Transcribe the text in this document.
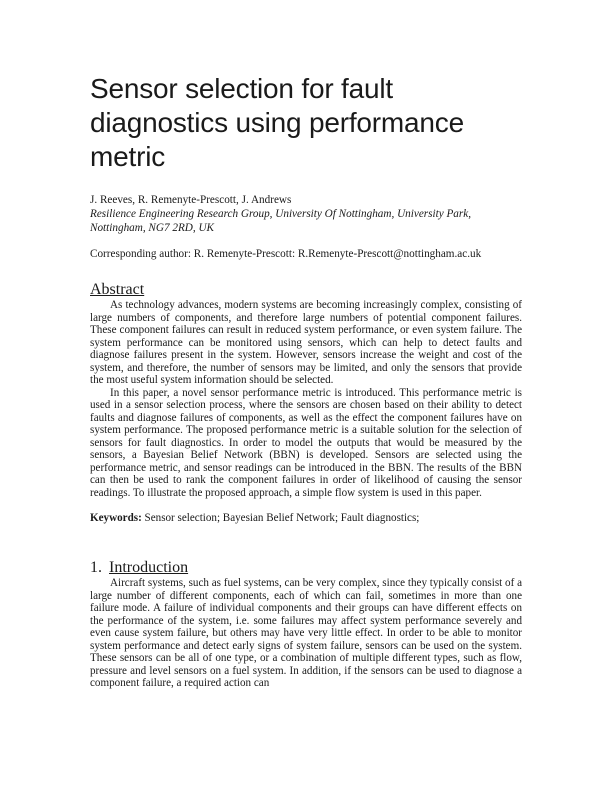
Sensor selection for fault diagnostics using performance metric
J. Reeves, R. Remenyte-Prescott, J. Andrews
Resilience Engineering Research Group, University Of Nottingham, University Park, Nottingham, NG7 2RD, UK
Corresponding author: R. Remenyte-Prescott: R.Remenyte-Prescott@nottingham.ac.uk
Abstract

As technology advances, modern systems are becoming increasingly complex, consisting of large numbers of components, and therefore large numbers of potential component failures. These component failures can result in reduced system performance, or even system failure. The system performance can be monitored using sensors, which can help to detect faults and diagnose failures present in the system. However, sensors increase the weight and cost of the system, and therefore, the number of sensors may be limited, and only the sensors that provide the most useful system information should be selected.

In this paper, a novel sensor performance metric is introduced. This performance metric is used in a sensor selection process, where the sensors are chosen based on their ability to detect faults and diagnose failures of components, as well as the effect the component failures have on system performance. The proposed performance metric is a suitable solution for the selection of sensors for fault diagnostics. In order to model the outputs that would be measured by the sensors, a Bayesian Belief Network (BBN) is developed. Sensors are selected using the performance metric, and sensor readings can be introduced in the BBN. The results of the BBN can then be used to rank the component failures in order of likelihood of causing the sensor readings. To illustrate the proposed approach, a simple flow system is used in this paper.

Keywords: Sensor selection; Bayesian Belief Network; Fault diagnostics;
1. Introduction

Aircraft systems, such as fuel systems, can be very complex, since they typically consist of a large number of different components, each of which can fail, sometimes in more than one failure mode. A failure of individual components and their groups can have different effects on the performance of the system, i.e. some failures may affect system performance severely and even cause system failure, but others may have very little effect. In order to be able to monitor system performance and detect early signs of system failure, sensors can be used on the system. These sensors can be all of one type, or a combination of multiple different types, such as flow, pressure and level sensors on a fuel system. In addition, if the sensors can be used to diagnose a component failure, a required action can
